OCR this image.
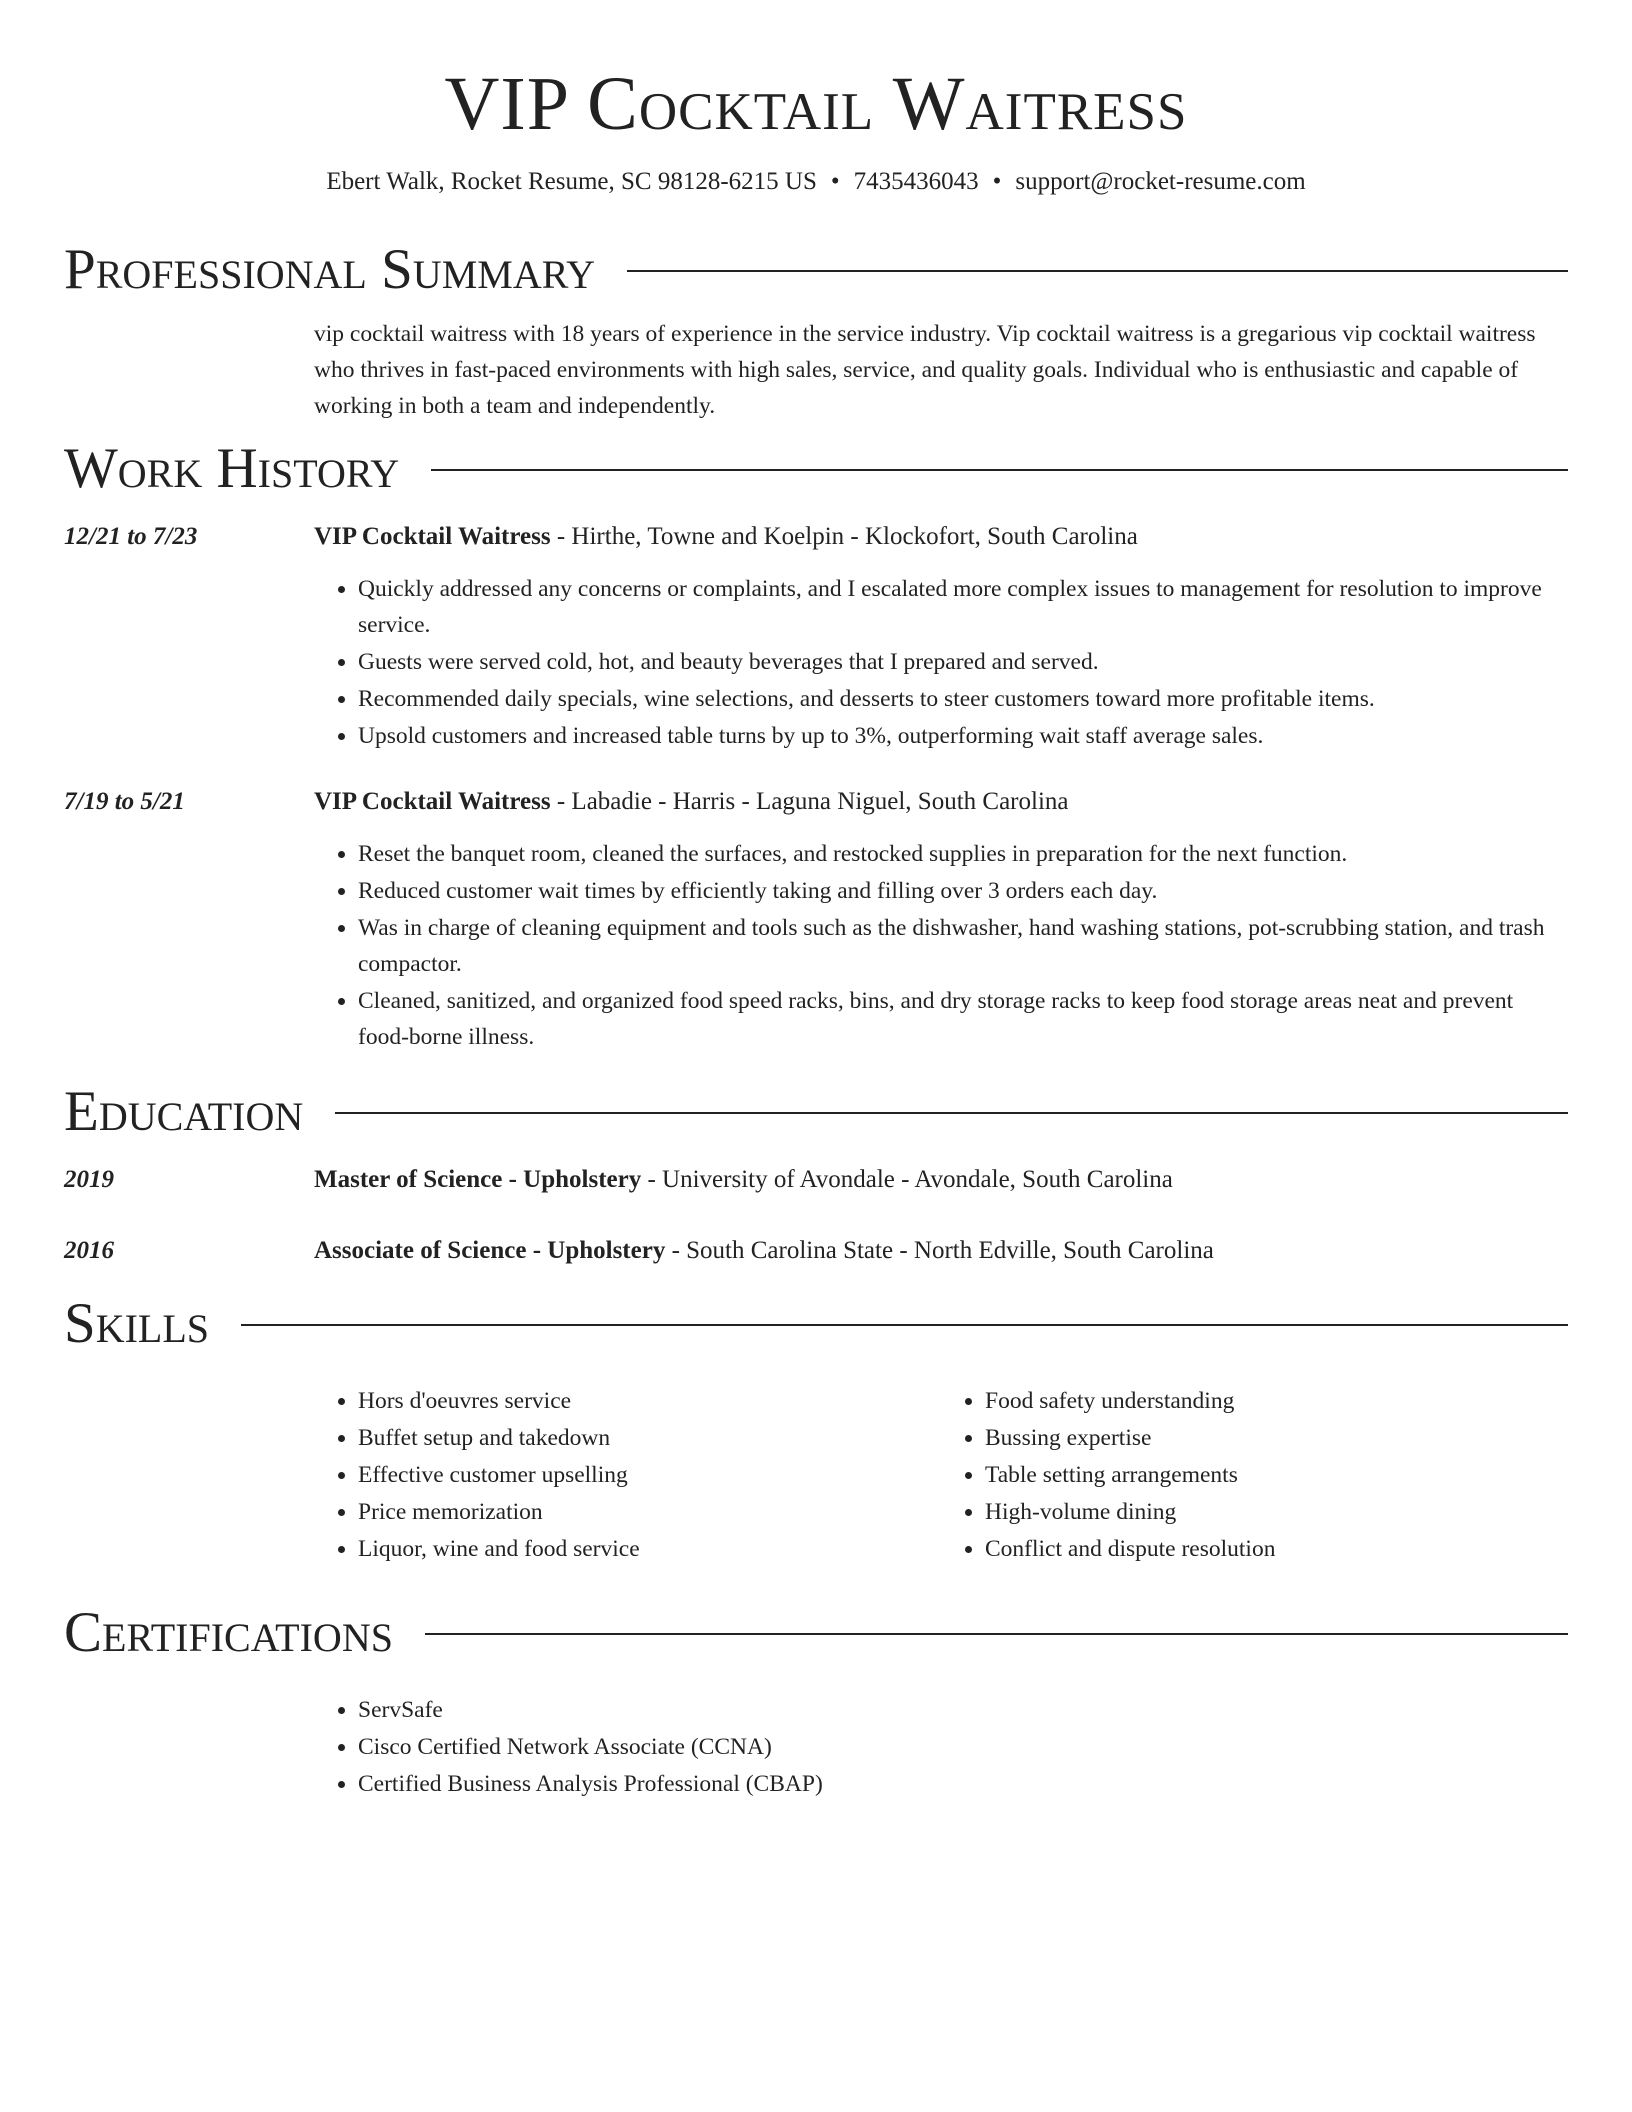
VIP Cocktail Waitress
Ebert Walk, Rocket Resume, SC 98128-6215 US • 7435436043 • support@rocket-resume.com
Professional Summary

vip cocktail waitress with 18 years of experience in the service industry. Vip cocktail waitress is a gregarious vip cocktail waitress who thrives in fast-paced environments with high sales, service, and quality goals. Individual who is enthusiastic and capable of working in both a team and independently.

Work History
12/21 to 7/23	VIP Cocktail Waitress - Hirthe, Towne and Koelpin - Klockofort, South Carolina
• Quickly addressed any concerns or complaints, and I escalated more complex issues to management for resolution to improve service.
• Guests were served cold, hot, and beauty beverages that I prepared and served.
• Recommended daily specials, wine selections, and desserts to steer customers toward more profitable items.
• Upsold customers and increased table turns by up to 3%, outperforming wait staff average sales.
7/19 to 5/21	VIP Cocktail Waitress - Labadie - Harris - Laguna Niguel, South Carolina
• Reset the banquet room, cleaned the surfaces, and restocked supplies in preparation for the next function.
• Reduced customer wait times by efficiently taking and filling over 3 orders each day.
• Was in charge of cleaning equipment and tools such as the dishwasher, hand washing stations, pot-scrubbing station, and trash compactor.
• Cleaned, sanitized, and organized food speed racks, bins, and dry storage racks to keep food storage areas neat and prevent food-borne illness.
Education
2019	Master of Science - Upholstery - University of Avondale - Avondale, South Carolina
2016	Associate of Science - Upholstery - South Carolina State - North Edville, South Carolina
Skills
• Hors d'oeuvres service
• Buffet setup and takedown
• Effective customer upselling
• Price memorization
• Liquor, wine and food service
• Food safety understanding
• Bussing expertise
• Table setting arrangements
• High-volume dining
• Conflict and dispute resolution
Certifications
• ServSafe
• Cisco Certified Network Associate (CCNA)
• Certified Business Analysis Professional (CBAP)
